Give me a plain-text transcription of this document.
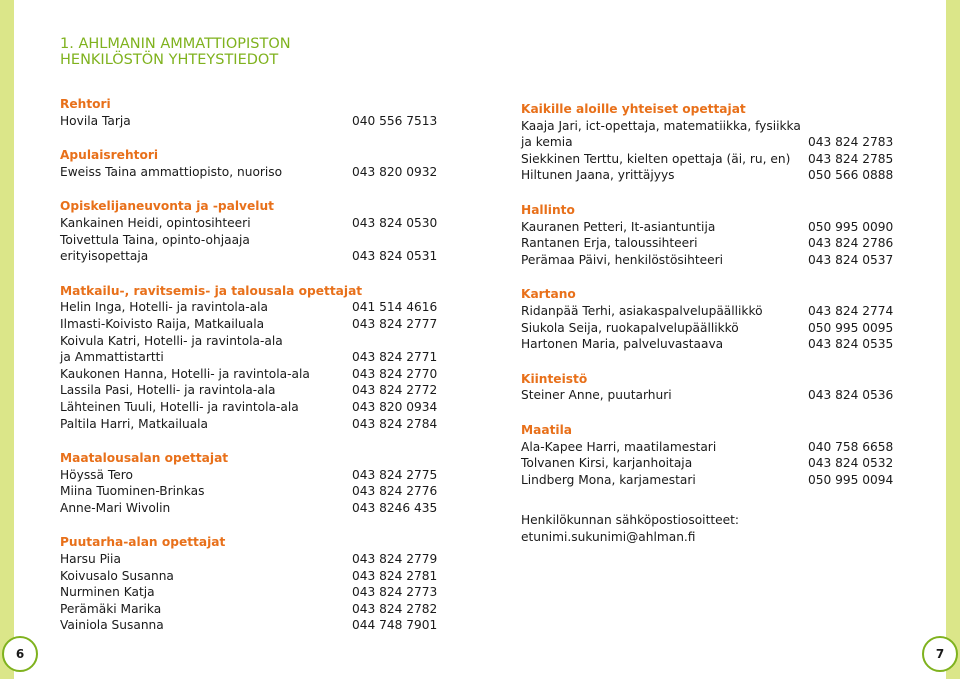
1. AHLMANIN AMMATTIOPISTON
HENKILÖSTÖN YHTEYSTIEDOT
Rehtori
Hovila Tarja	040 556 7513
Apulaisrehtori
Eweiss Taina ammattiopisto, nuoriso	043 820 0932
Opiskelijaneuvonta ja -palvelut
Kankainen Heidi, opintosihteeri	043 824 0530
Toivettula Taina, opinto-ohjaaja
erityisopettaja	043 824 0531
Matkailu-, ravitsemis- ja talousala opettajat
Helin Inga, Hotelli- ja ravintola-ala	041 514 4616
Ilmasti-Koivisto Raija, Matkailuala	043 824 2777
Koivula Katri, Hotelli- ja ravintola-ala
ja Ammattistartti	043 824 2771
Kaukonen Hanna, Hotelli- ja ravintola-ala	043 824 2770
Lassila Pasi, Hotelli- ja ravintola-ala	043 824 2772
Lähteinen Tuuli, Hotelli- ja ravintola-ala	043 820 0934
Paltila Harri, Matkailuala	043 824 2784
Maatalousalan opettajat
Höyssä Tero	043 824 2775
Miina Tuominen-Brinkas	043 824 2776
Anne-Mari Wivolin	043 8246 435
Puutarha-alan opettajat
Harsu Piia	043 824 2779
Koivusalo Susanna	043 824 2781
Nurminen Katja	043 824 2773
Perämäki Marika	043 824 2782
Vainiola Susanna	044 748 7901
Kaikille aloille yhteiset opettajat
Kaaja Jari, ict-opettaja, matematiikka, fysiikka
ja kemia	043 824 2783
Siekkinen Terttu, kielten opettaja (äi, ru, en) 043 824 2785
Hiltunen Jaana, yrittäjyys	050 566 0888
Hallinto
Kauranen Petteri, It-asiantuntija	050 995 0090
Rantanen Erja, taloussihteeri	043 824 2786
Perämaa Päivi, henkilöstösihteeri	043 824 0537
Kartano
Ridanpää Terhi, asiakaspalvelupäällikkö	043 824 2774
Siukola Seija, ruokapalvelupäällikkö	050 995 0095
Hartonen Maria, palveluvastaava	043 824 0535
Kiinteistö
Steiner Anne, puutarhuri	043 824 0536
Maatila
Ala-Kapee Harri, maatilamestari	040 758 6658
Tolvanen Kirsi, karjanhoitaja	043 824 0532
Lindberg Mona, karjamestari	050 995 0094
Henkilökunnan sähköpostiosoitteet:
etunimi.sukunimi@ahlman.fi
6	7
